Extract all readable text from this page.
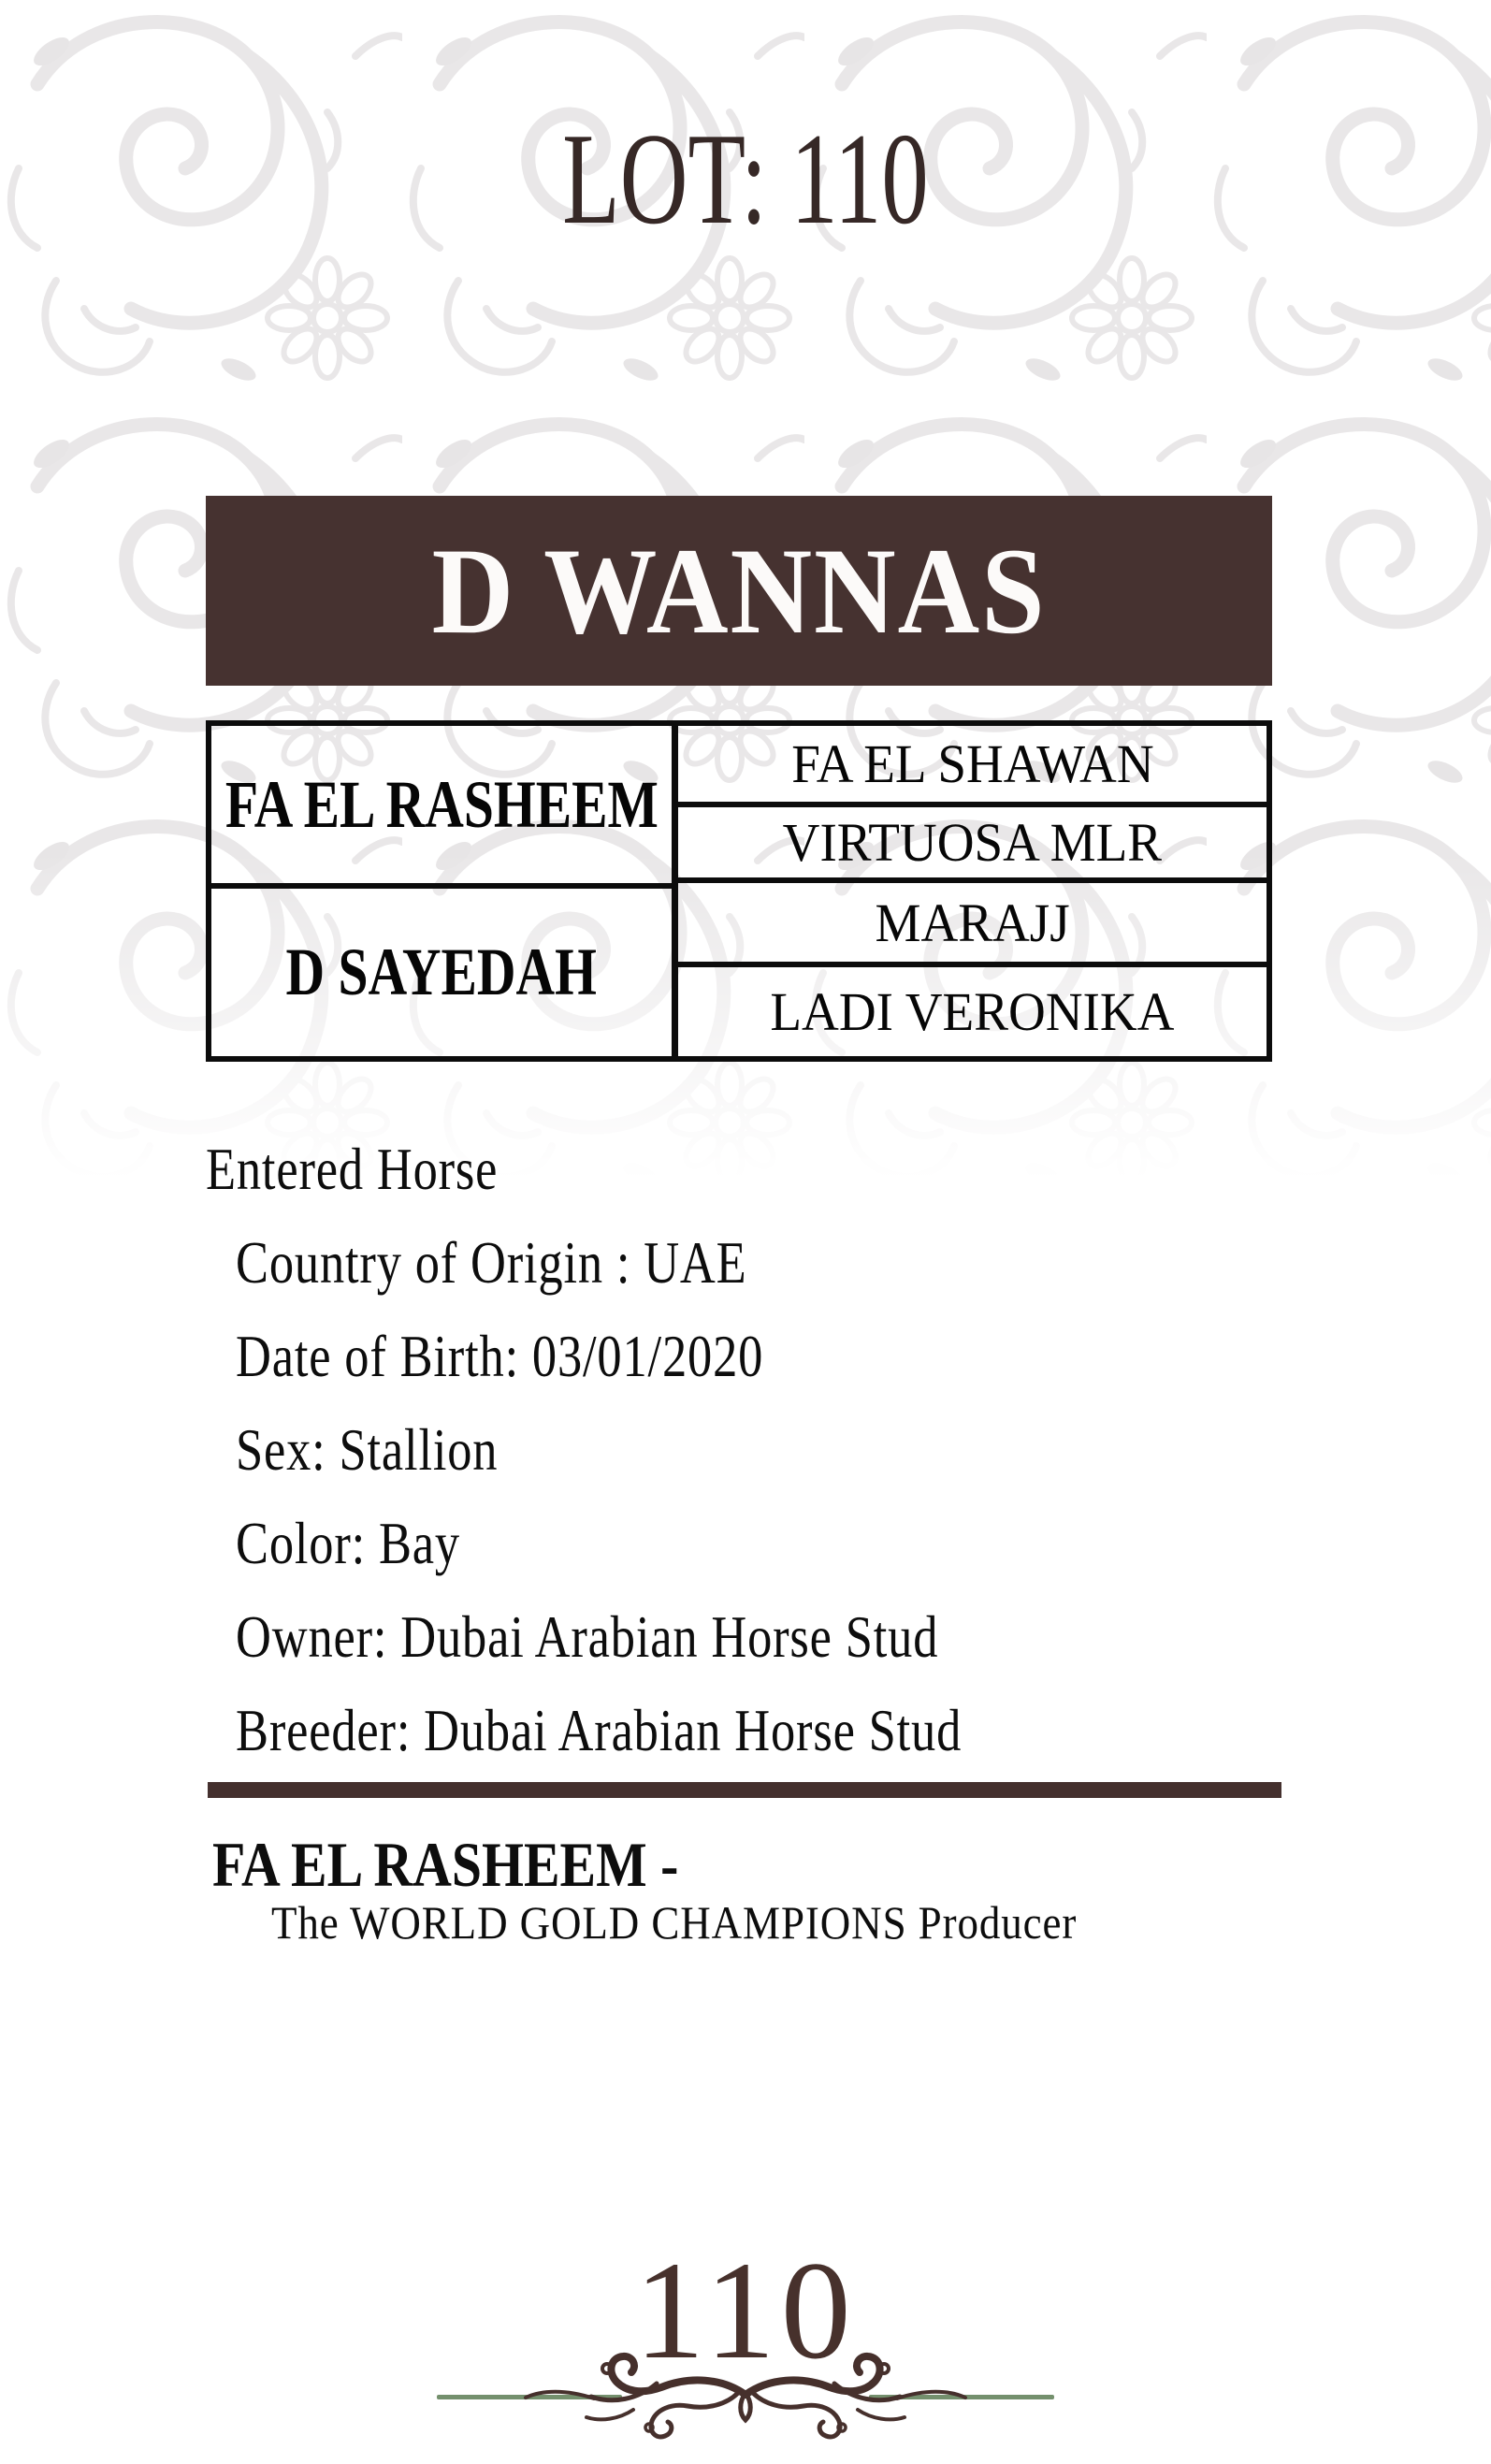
LOT: 110
D WANNAS
FA EL RASHEEM
D SAYEDAH
FA EL SHAWAN
VIRTUOSA MLR
MARAJJ
LADI VERONIKA
Entered Horse
Country of Origin : UAE
Date of Birth: 03/01/2020
Sex: Stallion
Color: Bay
Owner: Dubai Arabian Horse Stud
Breeder: Dubai Arabian Horse Stud
FA EL RASHEEM -
The WORLD GOLD CHAMPIONS Producer
110
